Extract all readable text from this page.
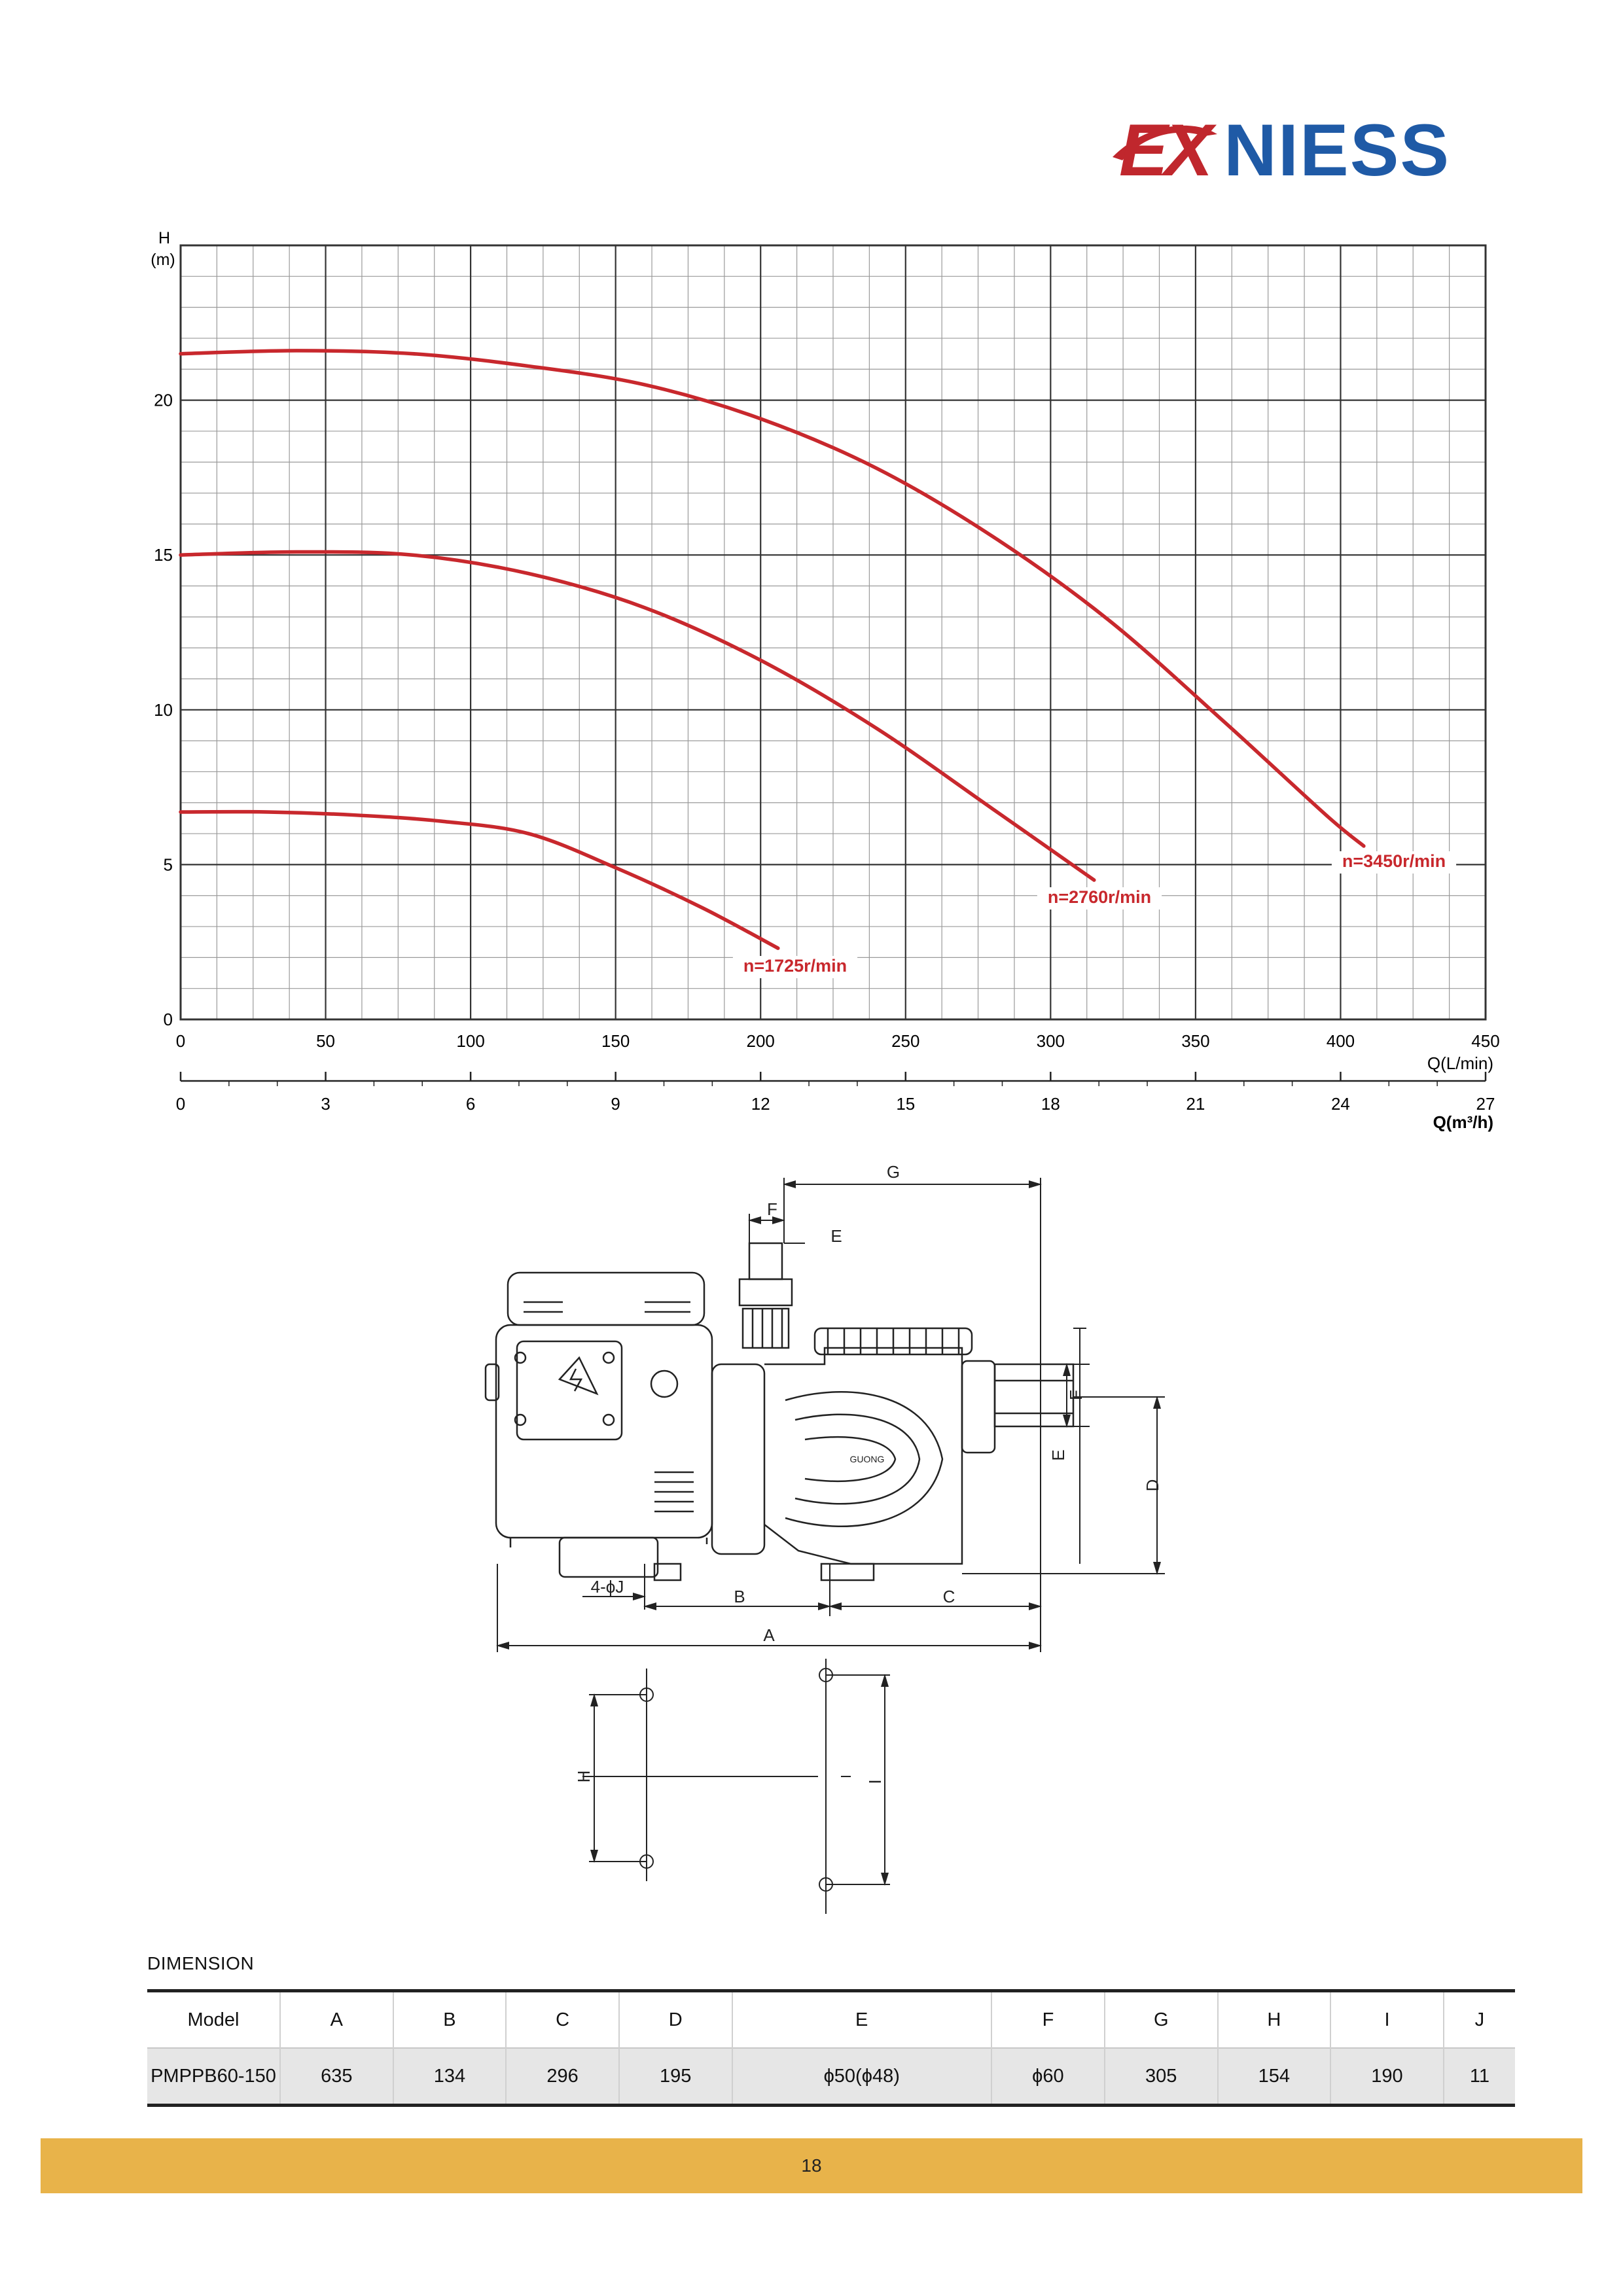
EX NIESS
0
5
10
15
20
H
(m)
0	50	100	150	200	250	300	350	400	450
Q(L/min)
0	3	6	9	12	15	18	21	24	27
Q(m³/h)
n=3450r/min
n=2760r/min
n=1725r/min
GUONG
G
F
E
F
E
D
4-ϕJ	B	C
A
H	I
DIMENSION
Model	A	B	C	D	E	F	G	H	I	J
PMPPB60-150	635	134	296	195	ϕ50(ϕ48)	ϕ60	305	154	190	11
18
